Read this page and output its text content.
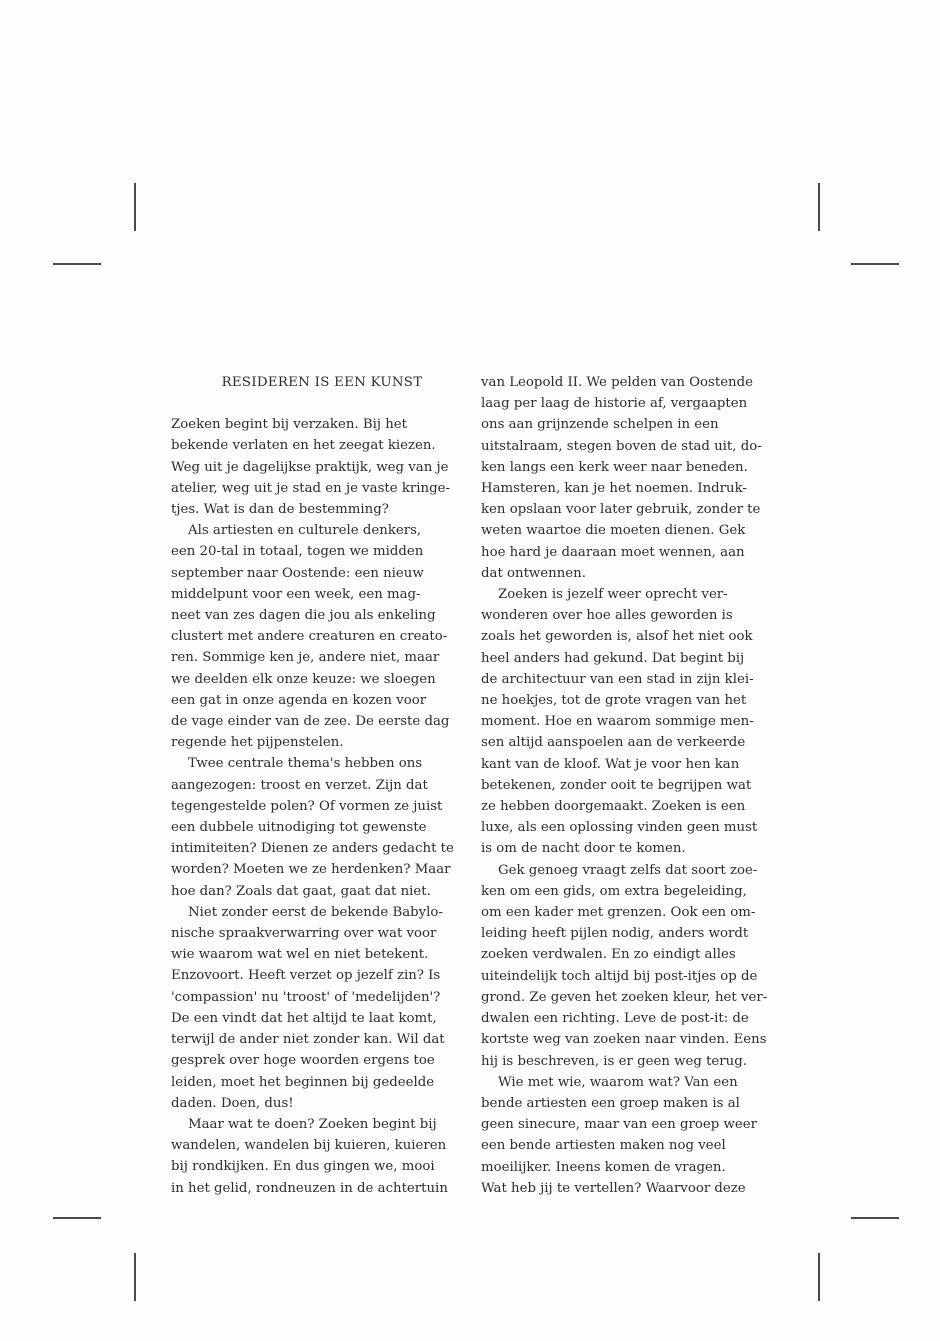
RESIDEREN IS EEN KUNST
Zoeken begint bij verzaken. Bij het
bekende verlaten en het zeegat kiezen.
Weg uit je dagelijkse praktijk, weg van je
atelier, weg uit je stad en je vaste kringe-
tjes. Wat is dan de bestemming?
Als artiesten en culturele denkers,
een 20-tal in totaal, togen we midden
september naar Oostende: een nieuw
middelpunt voor een week, een mag-
neet van zes dagen die jou als enkeling
clustert met andere creaturen en creato-
ren. Sommige ken je, andere niet, maar
we deelden elk onze keuze: we sloegen
een gat in onze agenda en kozen voor
de vage einder van de zee. De eerste dag
regende het pijpenstelen.
Twee centrale thema's hebben ons
aangezogen: troost en verzet. Zijn dat
tegengestelde polen? Of vormen ze juist
een dubbele uitnodiging tot gewenste
intimiteiten? Dienen ze anders gedacht te
worden? Moeten we ze herdenken? Maar
hoe dan? Zoals dat gaat, gaat dat niet.
Niet zonder eerst de bekende Babylo-
nische spraakverwarring over wat voor
wie waarom wat wel en niet betekent.
Enzovoort. Heeft verzet op jezelf zin? Is
'compassion' nu 'troost' of 'medelijden'?
De een vindt dat het altijd te laat komt,
terwijl de ander niet zonder kan. Wil dat
gesprek over hoge woorden ergens toe
leiden, moet het beginnen bij gedeelde
daden. Doen, dus!
Maar wat te doen? Zoeken begint bij
wandelen, wandelen bij kuieren, kuieren
bij rondkijken. En dus gingen we, mooi
in het gelid, rondneuzen in de achtertuin
van Leopold II. We pelden van Oostende
laag per laag de historie af, vergaapten
ons aan grijnzende schelpen in een
uitstalraam, stegen boven de stad uit, do-
ken langs een kerk weer naar beneden.
Hamsteren, kan je het noemen. Indruk-
ken opslaan voor later gebruik, zonder te
weten waartoe die moeten dienen. Gek
hoe hard je daaraan moet wennen, aan
dat ontwennen.
Zoeken is jezelf weer oprecht ver-
wonderen over hoe alles geworden is
zoals het geworden is, alsof het niet ook
heel anders had gekund. Dat begint bij
de architectuur van een stad in zijn klei-
ne hoekjes, tot de grote vragen van het
moment. Hoe en waarom sommige men-
sen altijd aanspoelen aan de verkeerde
kant van de kloof. Wat je voor hen kan
betekenen, zonder ooit te begrijpen wat
ze hebben doorgemaakt. Zoeken is een
luxe, als een oplossing vinden geen must
is om de nacht door te komen.
Gek genoeg vraagt zelfs dat soort zoe-
ken om een gids, om extra begeleiding,
om een kader met grenzen. Ook een om-
leiding heeft pijlen nodig, anders wordt
zoeken verdwalen. En zo eindigt alles
uiteindelijk toch altijd bij post-itjes op de
grond. Ze geven het zoeken kleur, het ver-
dwalen een richting. Leve de post-it: de
kortste weg van zoeken naar vinden. Eens
hij is beschreven, is er geen weg terug.
Wie met wie, waarom wat? Van een
bende artiesten een groep maken is al
geen sinecure, maar van een groep weer
een bende artiesten maken nog veel
moeilijker. Ineens komen de vragen.
Wat heb jij te vertellen? Waarvoor deze
